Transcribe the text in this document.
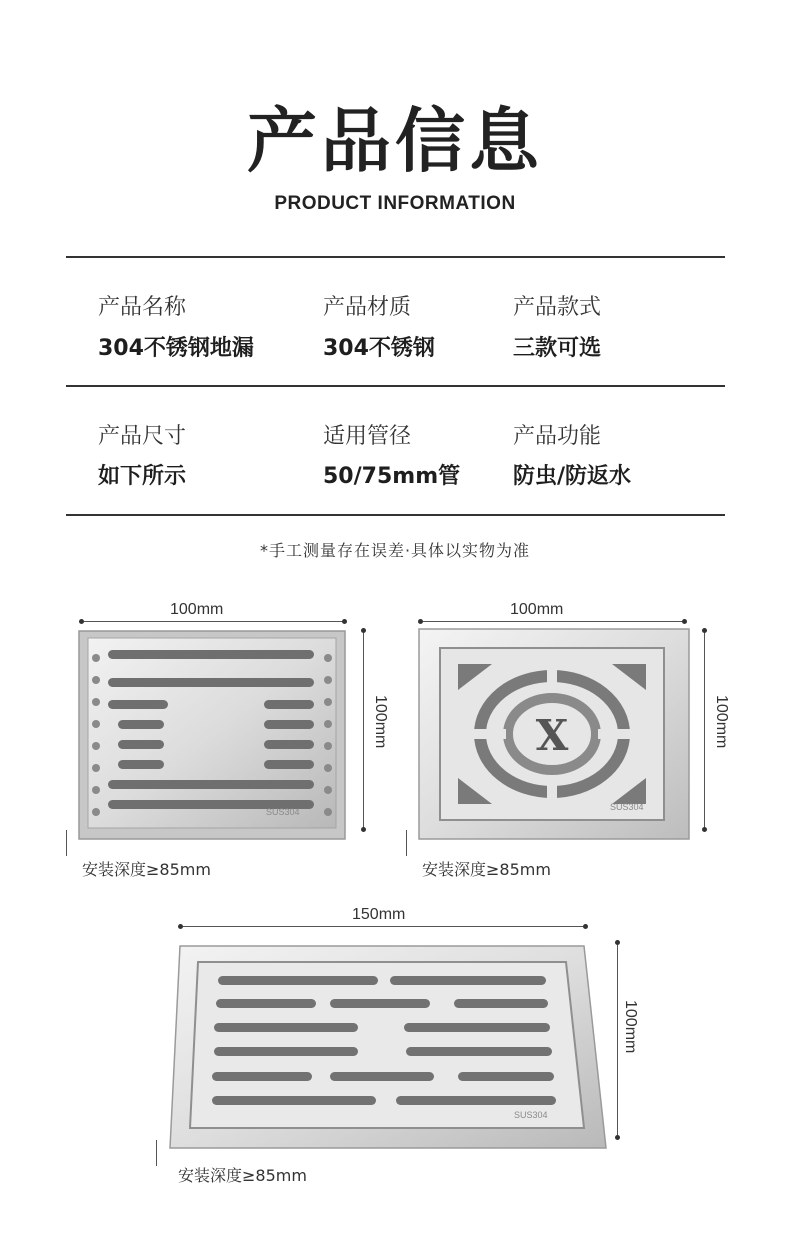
产品信息
PRODUCT INFORMATION
产品名称
304不锈钢地漏
产品材质
304不锈钢
产品款式
三款可选
产品尺寸
如下所示
适用管径
50/75mm管
产品功能
防虫/防返水
*手工测量存在误差·具体以实物为准
100mm
100mm
安装深度≥85mm
SUS304
100mm
100mm
安装深度≥85mm
X
SUS304
150mm
100mm
安装深度≥85mm
SUS304
